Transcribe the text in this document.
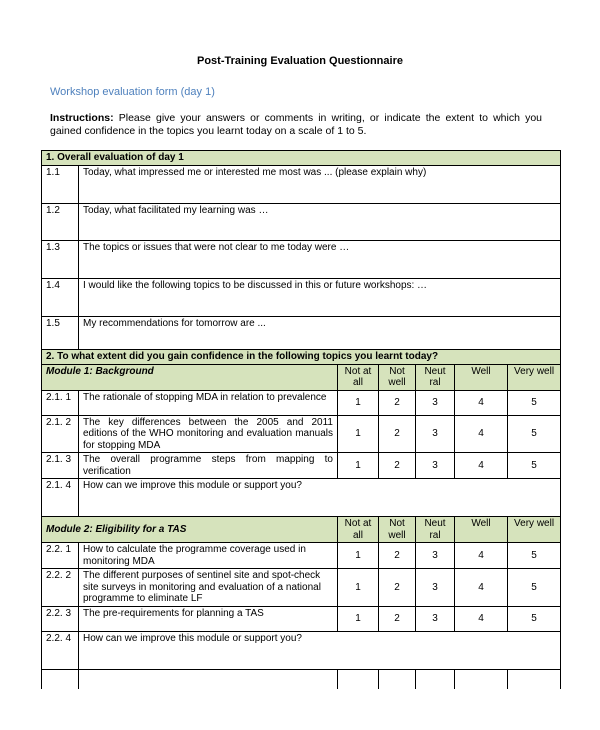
Post-Training Evaluation Questionnaire
Workshop evaluation form (day 1)
Instructions: Please give your answers or comments in writing, or indicate the extent to which you gained confidence in the topics you learnt today on a scale of 1 to 5.
1. Overall evaluation of day 1	
1.1	Today, what impressed me or interested me most was ... (please explain why)
1.2	Today, what facilitated my learning was …
1.3	The topics or issues that were not clear to me today were …
1.4	I would like the following topics to be discussed in this or future workshops: …
1.5	My recommendations for tomorrow are ...
2. To what extent did you gain confidence in the following topics you learnt today?						
Module 1: Background		Not at all	Not well	Neut ral	Well	Very well
2.1. 1	The rationale of stopping MDA in relation to prevalence	1	2	3	4	5
2.1. 2	The key differences between the 2005 and 2011 editions of the WHO monitoring and evaluation manuals for stopping MDA	1	2	3	4	5
2.1. 3	The overall programme steps from mapping to verification	1	2	3	4	5
2.1. 4	How can we improve this module or support you?					
Module 2: Eligibility for a TAS		Not at all	Not well	Neut ral	Well	Very well
2.2. 1	How to calculate the programme coverage used in monitoring MDA	1	2	3	4	5
2.2. 2	The different purposes of sentinel site and spot-check site surveys in monitoring and evaluation of a national programme to eliminate LF	1	2	3	4	5
2.2. 3	The pre-requirements for planning a TAS	1	2	3	4	5
2.2. 4	How can we improve this module or support you?					
